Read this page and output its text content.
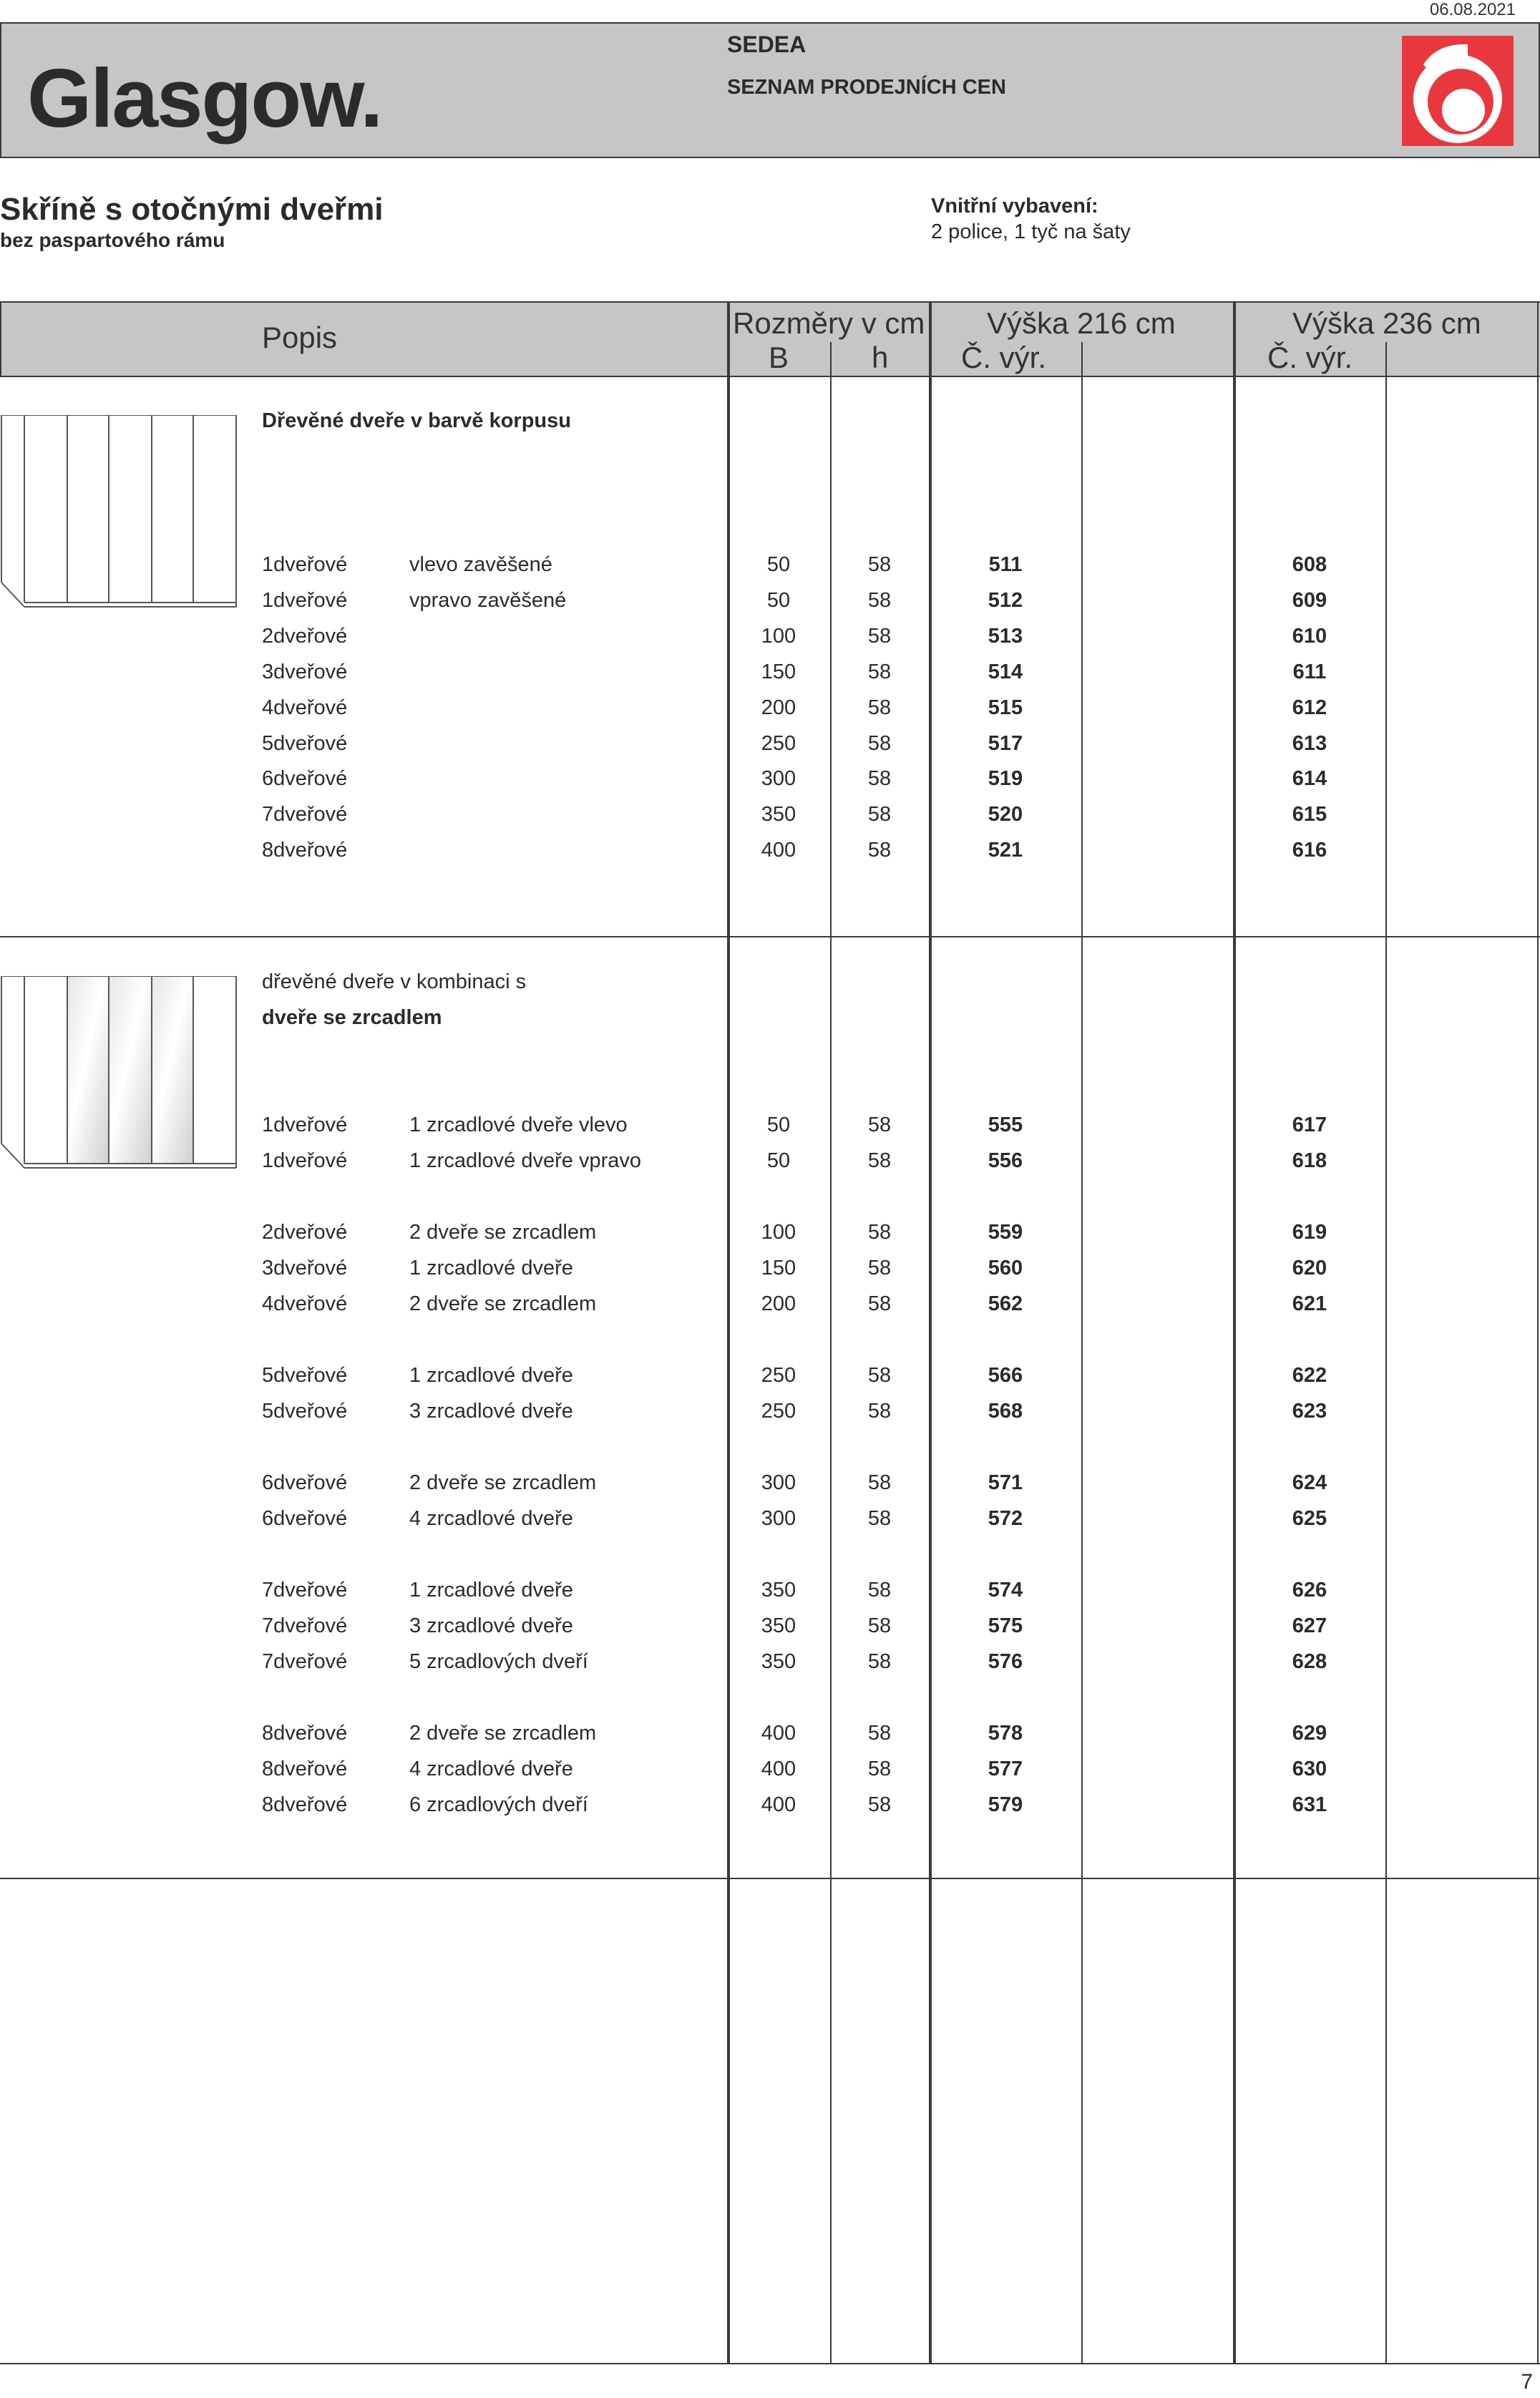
06.08.2021
Glasgow.
SEDEA
SEZNAM PRODEJNÍCH CEN
Skříně s otočnými dveřmi
bez paspartového rámu
Vnitřní vybavení:
2 police, 1 tyč na šaty
Popis	Rozměry v cm
B	h
Výška 216 cm
Č. výr.
Výška 236 cm
Č. výr.
Dřevěné dveře v barvě korpusu
1dveřové	vlevo zavěšené	50	58	511	608
1dveřové	vpravo zavěšené	50	58	512	609
2dveřové	100	58	513	610
3dveřové	150	58	514	611
4dveřové	200	58	515	612
5dveřové	250	58	517	613
6dveřové	300	58	519	614
7dveřové	350	58	520	615
8dveřové	400	58	521	616
dřevěné dveře v kombinaci s
dveře se zrcadlem
1dveřové	1 zrcadlové dveře vlevo	50	58	555	617
1dveřové	1 zrcadlové dveře vpravo	50	58	556	618
2dveřové	2 dveře se zrcadlem	100	58	559	619
3dveřové	1 zrcadlové dveře	150	58	560	620
4dveřové	2 dveře se zrcadlem	200	58	562	621
5dveřové	1 zrcadlové dveře	250	58	566	622
5dveřové	3 zrcadlové dveře	250	58	568	623
6dveřové	2 dveře se zrcadlem	300	58	571	624
6dveřové	4 zrcadlové dveře	300	58	572	625
7dveřové	1 zrcadlové dveře	350	58	574	626
7dveřové	3 zrcadlové dveře	350	58	575	627
7dveřové	5 zrcadlových dveří	350	58	576	628
8dveřové	2 dveře se zrcadlem	400	58	578	629
8dveřové	4 zrcadlové dveře	400	58	577	630
8dveřové	6 zrcadlových dveří	400	58	579	631
7
